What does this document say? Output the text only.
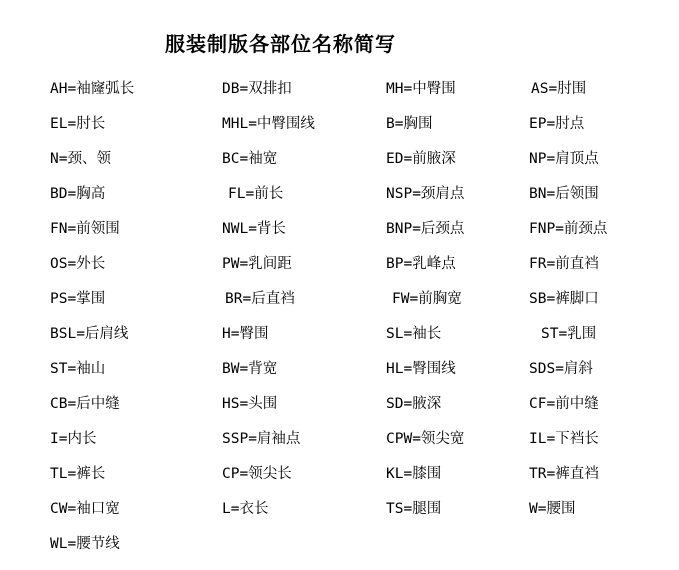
服装制版各部位名称简写
AH=袖窿弧长	DB=双排扣	MH=中臀围	AS=肘围
EL=肘长	MHL=中臀围线	B=胸围	EP=肘点
N=颈、领	BC=袖宽	ED=前腋深	NP=肩顶点
BD=胸高	FL=前长	NSP=颈肩点	BN=后领围
FN=前领围	NWL=背长	BNP=后颈点	FNP=前颈点
OS=外长	PW=乳间距	BP=乳峰点	FR=前直裆
PS=掌围	BR=后直裆	FW=前胸宽	SB=裤脚口
BSL=后肩线	H=臀围	SL=袖长	ST=乳围
ST=袖山	BW=背宽	HL=臀围线	SDS=肩斜
CB=后中缝	HS=头围	SD=腋深	CF=前中缝
I=内长	SSP=肩袖点	CPW=领尖宽	IL=下裆长
TL=裤长	CP=领尖长	KL=膝围	TR=裤直裆
CW=袖口宽	L=衣长	TS=腿围	W=腰围
WL=腰节线
